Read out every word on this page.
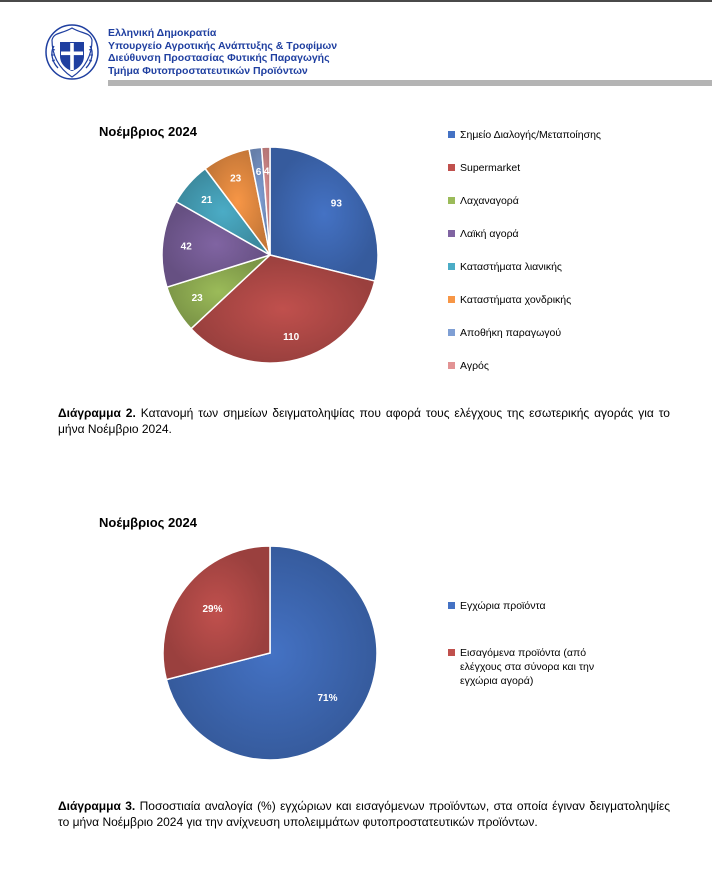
Ελληνική Δημοκρατία
Υπουργείο Αγροτικής Ανάπτυξης & Τροφίμων
Διεύθυνση Προστασίας Φυτικής Παραγωγής
Τμήμα Φυτοπροστατευτικών Προϊόντων
Νοέμβριος 2024
93
110
23
42
21
23
6 4
Σημείο Διαλογής/Μεταποίησης
Supermarket
Λαχαναγορά
Λαϊκή αγορά
Καταστήματα λιανικής
Καταστήματα χονδρικής
Αποθήκη παραγωγού
Αγρός
Διάγραμμα 2. Κατανομή των σημείων δειγματοληψίας που αφορά τους ελέγχους της εσωτερικής αγοράς για το μήνα Νοέμβριο 2024.
Νοέμβριος 2024
71%
29%	Εγχώρια προϊόντα
Εισαγόμενα προϊόντα (από ελέγχους στα σύνορα και την εγχώρια αγορά)
Διάγραμμα 3. Ποσοστιαία αναλογία (%) εγχώριων και εισαγόμενων προϊόντων, στα οποία έγιναν δειγματοληψίες το μήνα Νοέμβριο 2024 για την ανίχνευση υπολειμμάτων φυτοπροστατευτικών προϊόντων.
